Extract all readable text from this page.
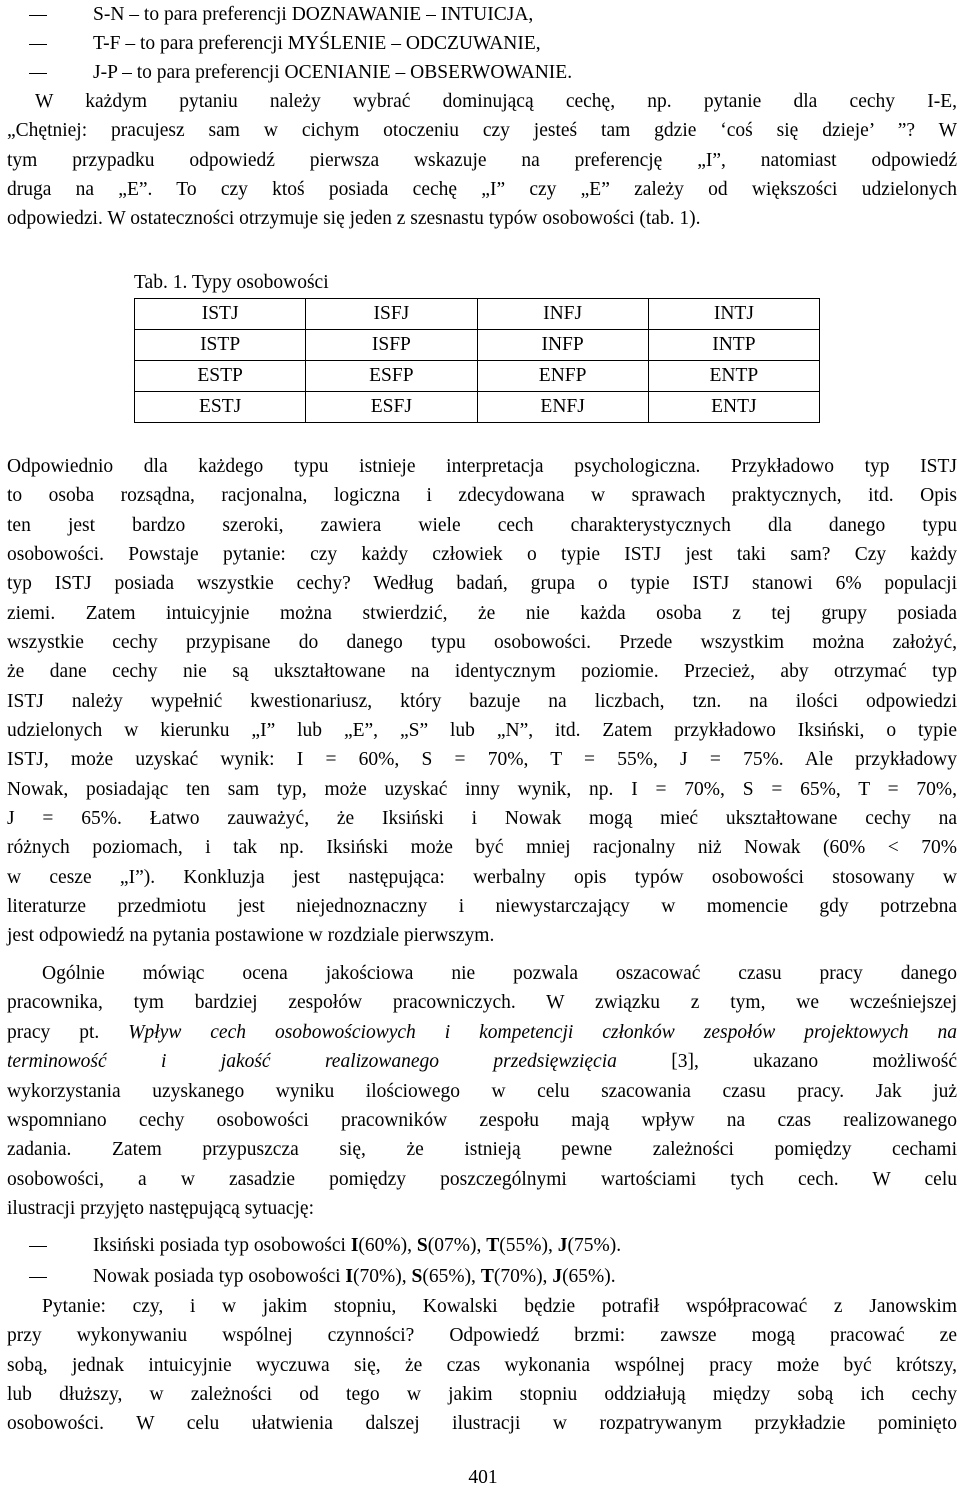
S-N – to para preferencji DOZNAWANIE – INTUICJA,
T-F – to para preferencji MYŚLENIE – ODCZUWANIE,
J-P – to para preferencji OCENIANIE – OBSERWOWANIE.
W każdym pytaniu należy wybrać dominującą cechę, np. pytanie dla cechy I-E,
„Chętniej: pracujesz sam w cichym otoczeniu czy jesteś tam gdzie ‘coś się dzieje’ ”? W
tym przypadku odpowiedź pierwsza wskazuje na preferencję „I”, natomiast odpowiedź
druga na „E”. To czy ktoś posiada cechę „I” czy „E” zależy od większości udzielonych
odpowiedzi. W ostateczności otrzymuje się jeden z szesnastu typów osobowości (tab. 1).
Tab. 1. Typy osobowości
ISTJ	ISFJ	INFJ	INTJ
ISTP	ISFP	INFP	INTP
ESTP	ESFP	ENFP	ENTP
ESTJ	ESFJ	ENFJ	ENTJ
Odpowiednio dla każdego typu istnieje interpretacja psychologiczna. Przykładowo typ ISTJ
to osoba rozsądna, racjonalna, logiczna i zdecydowana w sprawach praktycznych, itd. Opis
ten jest bardzo szeroki, zawiera wiele cech charakterystycznych dla danego typu
osobowości. Powstaje pytanie: czy każdy człowiek o typie ISTJ jest taki sam? Czy każdy
typ ISTJ posiada wszystkie cechy? Według badań, grupa o typie ISTJ stanowi 6% populacji
ziemi. Zatem intuicyjnie można stwierdzić, że nie każda osoba z tej grupy posiada
wszystkie cechy przypisane do danego typu osobowości. Przede wszystkim można założyć,
że dane cechy nie są ukształtowane na identycznym poziomie. Przecież, aby otrzymać typ
ISTJ należy wypełnić kwestionariusz, który bazuje na liczbach, tzn. na ilości odpowiedzi
udzielonych w kierunku „I” lub „E”, „S” lub „N”, itd. Zatem przykładowo Iksiński, o typie
ISTJ, może uzyskać wynik: I = 60%, S = 70%, T = 55%, J = 75%. Ale przykładowy
Nowak, posiadając ten sam typ, może uzyskać inny wynik, np. I = 70%, S = 65%, T = 70%,
J = 65%. Łatwo zauważyć, że Iksiński i Nowak mogą mieć ukształtowane cechy na
różnych poziomach, i tak np. Iksiński może być mniej racjonalny niż Nowak (60% < 70%
w cesze „I”). Konkluzja jest następująca: werbalny opis typów osobowości stosowany w
literaturze przedmiotu jest niejednoznaczny i niewystarczający w momencie gdy potrzebna
jest odpowiedź na pytania postawione w rozdziale pierwszym.
Ogólnie mówiąc ocena jakościowa nie pozwala oszacować czasu pracy danego
pracownika, tym bardziej zespołów pracowniczych. W związku z tym, we wcześniejszej
pracy pt. Wpływ cech osobowościowych i kompetencji członków zespołów projektowych na
terminowość i jakość realizowanego przedsięwzięcia [3], ukazano możliwość
wykorzystania uzyskanego wyniku ilościowego w celu szacowania czasu pracy. Jak już
wspomniano cechy osobowości pracowników zespołu mają wpływ na czas realizowanego
zadania. Zatem przypuszcza się, że istnieją pewne zależności pomiędzy cechami
osobowości, a w zasadzie pomiędzy poszczególnymi wartościami tych cech. W celu
ilustracji przyjęto następującą sytuację:
Iksiński posiada typ osobowości I(60%), S(07%), T(55%), J(75%).
Nowak posiada typ osobowości I(70%), S(65%), T(70%), J(65%).
Pytanie: czy, i w jakim stopniu, Kowalski będzie potrafił współpracować z Janowskim
przy wykonywaniu wspólnej czynności? Odpowiedź brzmi: zawsze mogą pracować ze
sobą, jednak intuicyjnie wyczuwa się, że czas wykonania wspólnej pracy może być krótszy,
lub dłuższy, w zależności od tego w jakim stopniu oddziałują między sobą ich cechy
osobowości. W celu ułatwienia dalszej ilustracji w rozpatrywanym przykładzie pominięto
401
